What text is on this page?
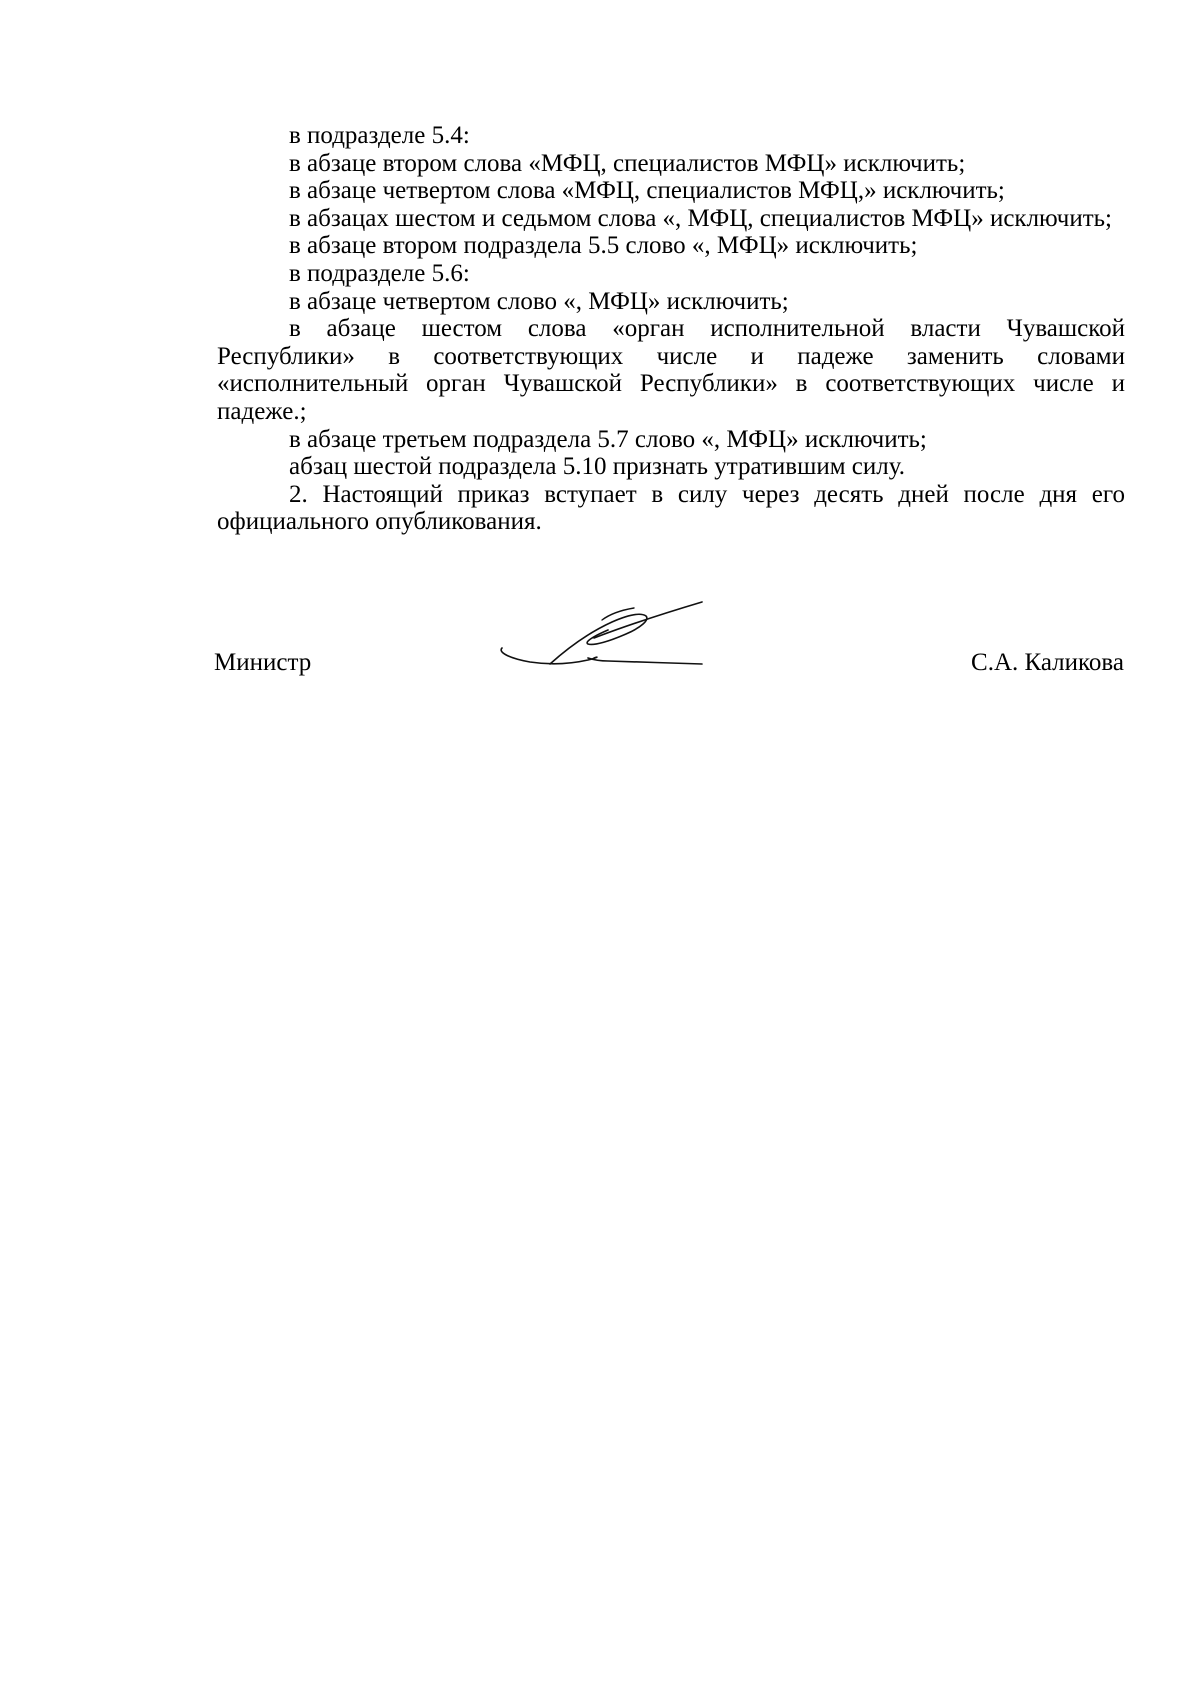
в подразделе 5.4:

в абзаце втором слова «МФЦ, специалистов МФЦ» исключить;

в абзаце четвертом слова «МФЦ, специалистов МФЦ,» исключить;

в абзацах шестом и седьмом слова «, МФЦ, специалистов МФЦ» исключить;

в абзаце втором подраздела 5.5 слово «, МФЦ» исключить;

в подразделе 5.6:

в абзаце четвертом слово «, МФЦ» исключить;

в абзаце шестом слова «орган исполнительной власти Чувашской Республики» в соответствующих числе и падеже заменить словами «исполнительный орган Чувашской Республики» в соответствующих числе и падеже.;

в абзаце третьем подраздела 5.7 слово «, МФЦ» исключить;

абзац шестой подраздела 5.10 признать утратившим силу.

2. Настоящий приказ вступает в силу через десять дней после дня его официального опубликования.

Министр	С.А. Каликова
